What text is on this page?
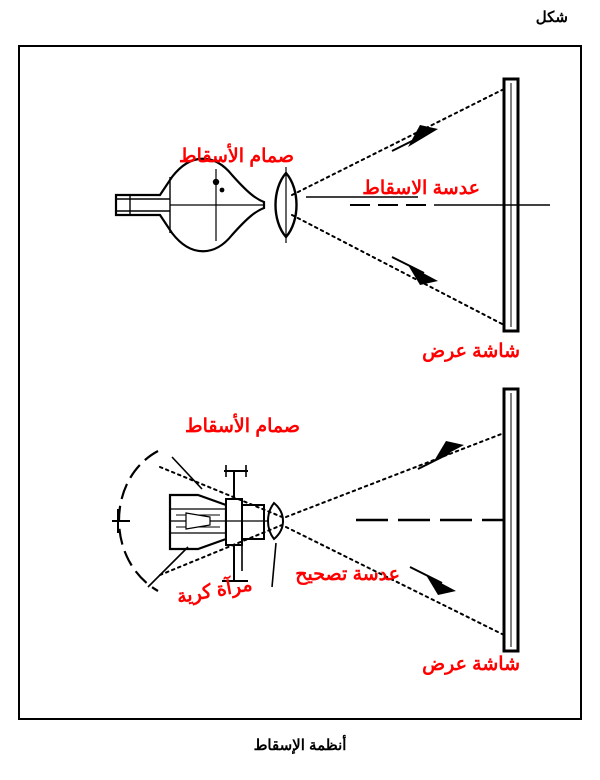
شكل
صمام الأسقاط
عدسة الاسقاط
شاشة عرض
صمام الأسقاط
مرآة كرية عدسة تصحيح
شاشة عرض
أنظمة الإسقاط
